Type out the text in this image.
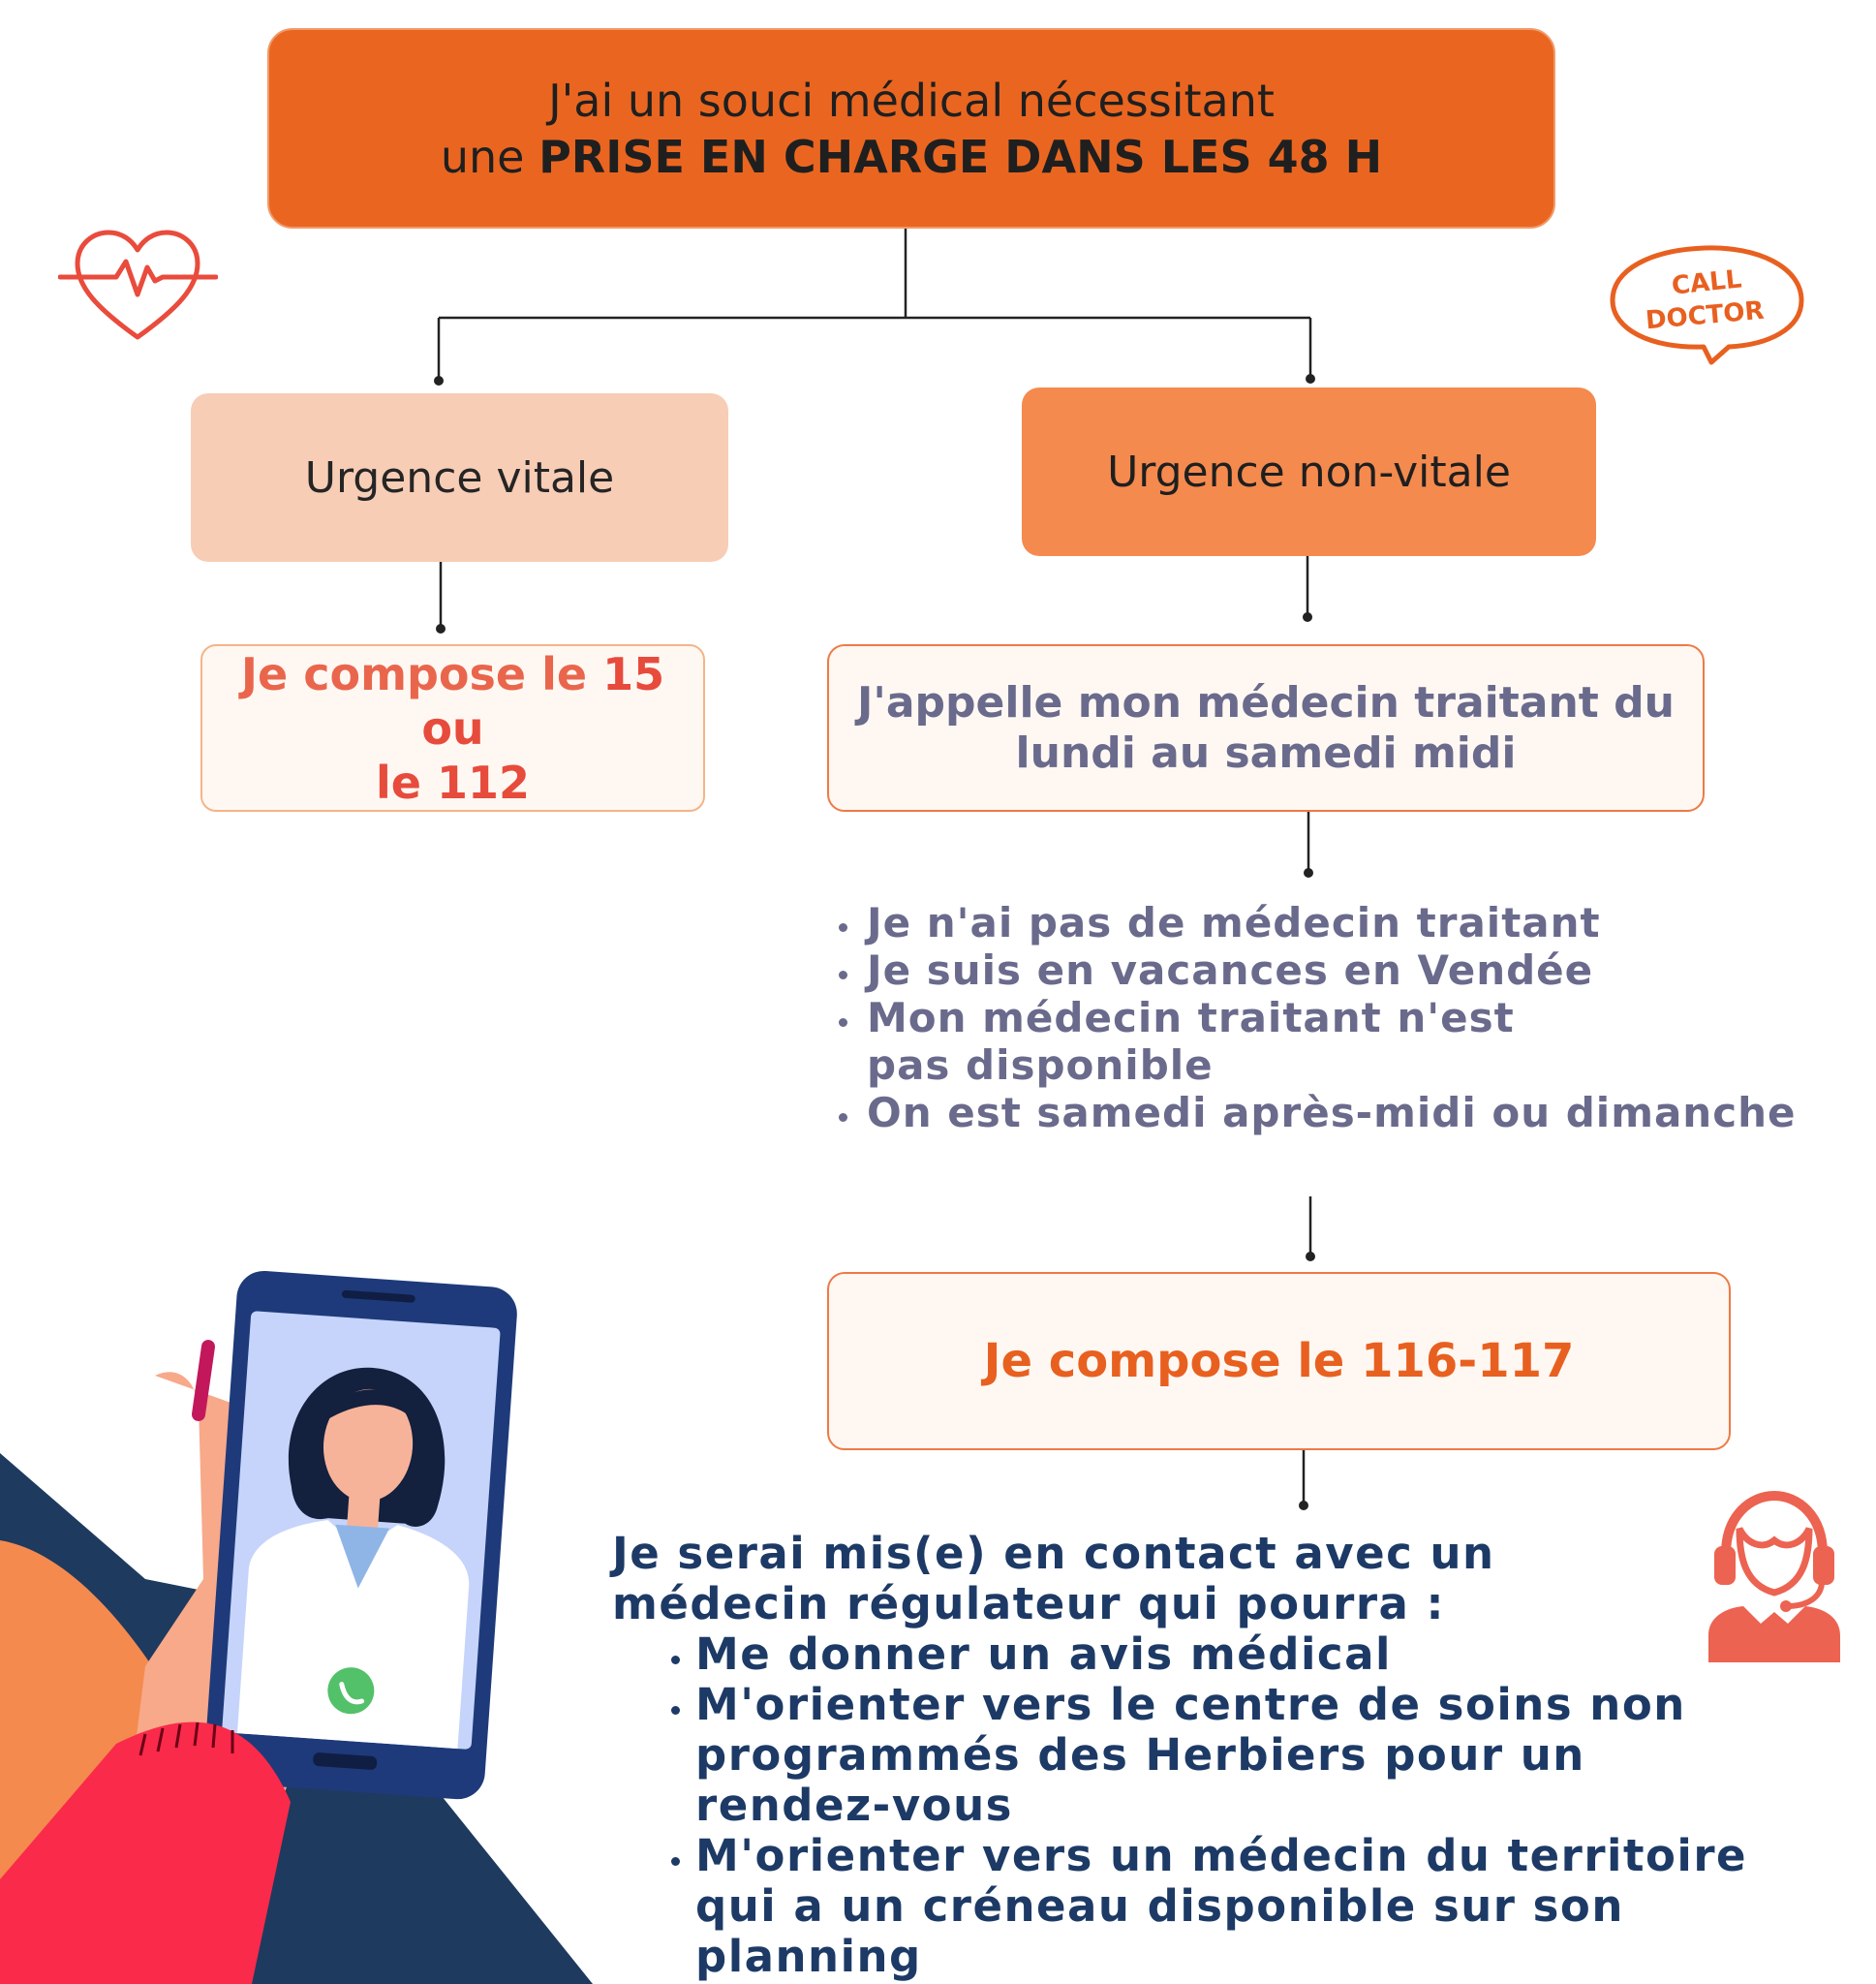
CALL
DOCTOR
J'ai un souci médical nécessitant
une PRISE EN CHARGE DANS LES 48 H
Urgence vitale	Urgence non-vitale
Je compose le 15 ou
le 112
J'appelle mon médecin traitant du
lundi au samedi midi
• Je n'ai pas de médecin traitant
• Je suis en vacances en Vendée
• Mon médecin traitant n'est pas disponible
• On est samedi après-midi ou dimanche
Je compose le 116-117
Je serai mis(e) en contact avec un médecin régulateur qui pourra :
• Me donner un avis médical
• M'orienter vers le centre de soins non programmés des Herbiers pour un rendez-vous
• M'orienter vers un médecin du territoire qui a un créneau disponible sur son planning
